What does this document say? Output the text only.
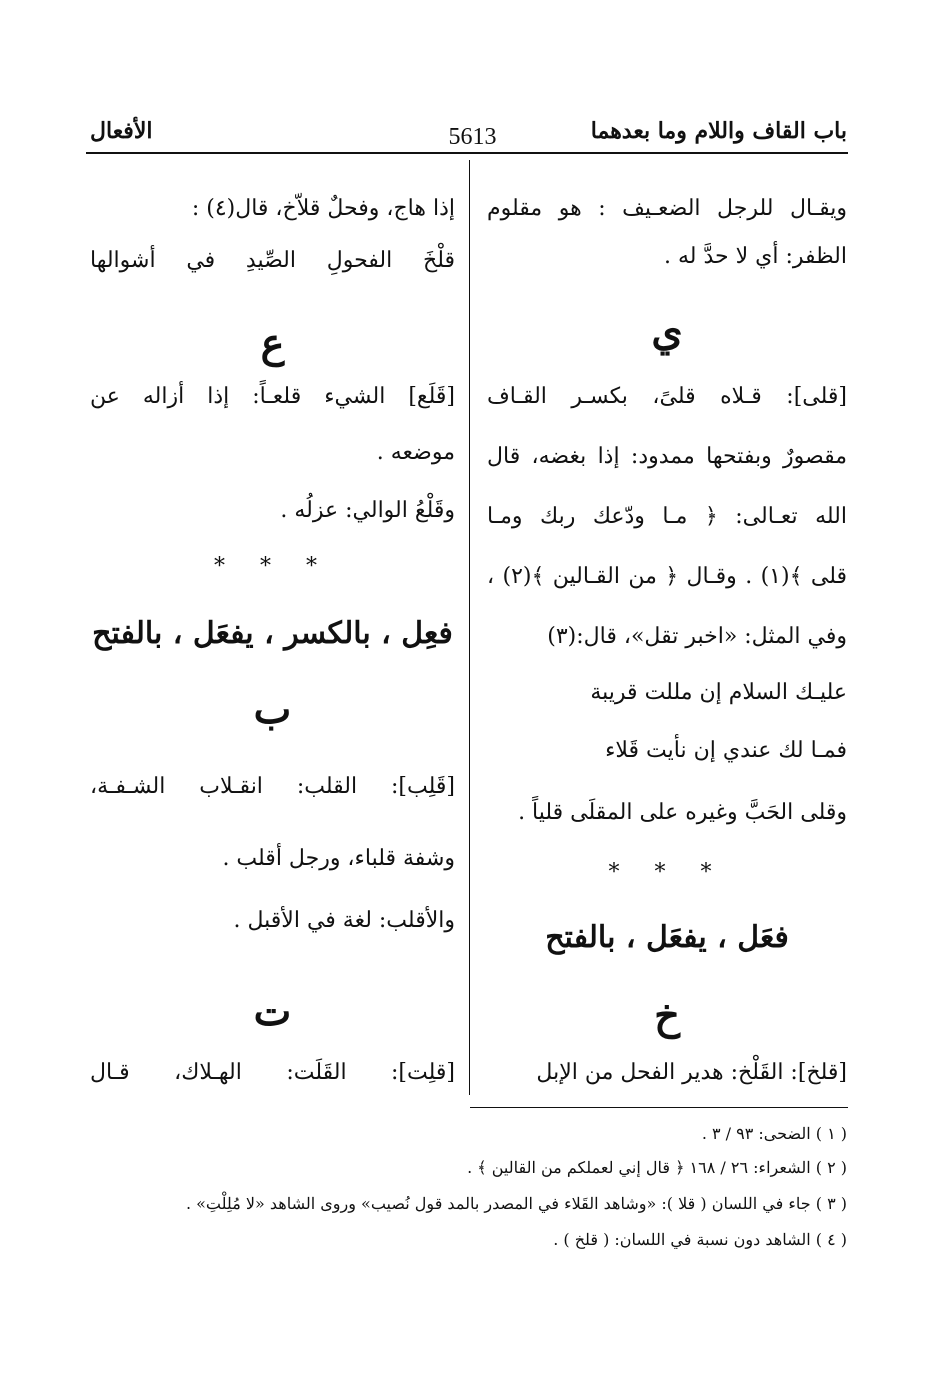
باب القاف واللام وما بعدهما
5613
الأفعال
ويقـال للرجل الضعـيف : هو مقلوم
الظفر: أي لا حدَّ له .
ي
[قلى]: قـلاه قلىً، بكسـر القـاف
مقصورٌ وبفتحها ممدود: إذا بغضه، قال
الله تعـالى: ﴿ مـا ودّعك ربك ومـا
قلى ﴾(١) . وقـال ﴿ من القـالين ﴾(٢) ،
وفي المثل: «اخبر تقل»، قال:(٣)
عليـك السلام إن مللت قريبة
فمـا لك عندي إن نأيت قَلاء
وقلى الحَبَّ وغيره على المقلَى قلياً .
* * *
فعَل ، يفعَل ، بالفتح
خ
[قلخ]: القَلْخ: هدير الفحل من الإبل
إذا هاج، وفحلٌ قلاّخ، قال(٤) :
قلْخَ الفحولِ الصِّيدِ في أشوالها
ع
[قَلَع] الشيء قلعـاً: إذا أزاله عن
موضعه .
وقَلْعُ الوالي: عزلُه .
* * *
فعِل ، بالكسر ، يفعَل ، بالفتح
ب
[قَلِب]: القلب: انقـلاب الشـفـة،
وشفة قلباء، ورجل أقلب .
والأقلب: لغة في الأقبل .
ت
[قلِت]: القَلَت: الهـلاك، قـال
( ١ ) الضحى: ٩٣ / ٣ .
( ٢ ) الشعراء: ٢٦ / ١٦٨ ﴿ قال إني لعملكم من القالين ﴾ .
( ٣ ) جاء في اللسان ( قلا ): «وشاهد القَلاء في المصدر بالمد قول نُصيب» وروى الشاهد «لا مُلِلْتِ» .
( ٤ ) الشاهد دون نسبة في اللسان: ( قلخ ) .
